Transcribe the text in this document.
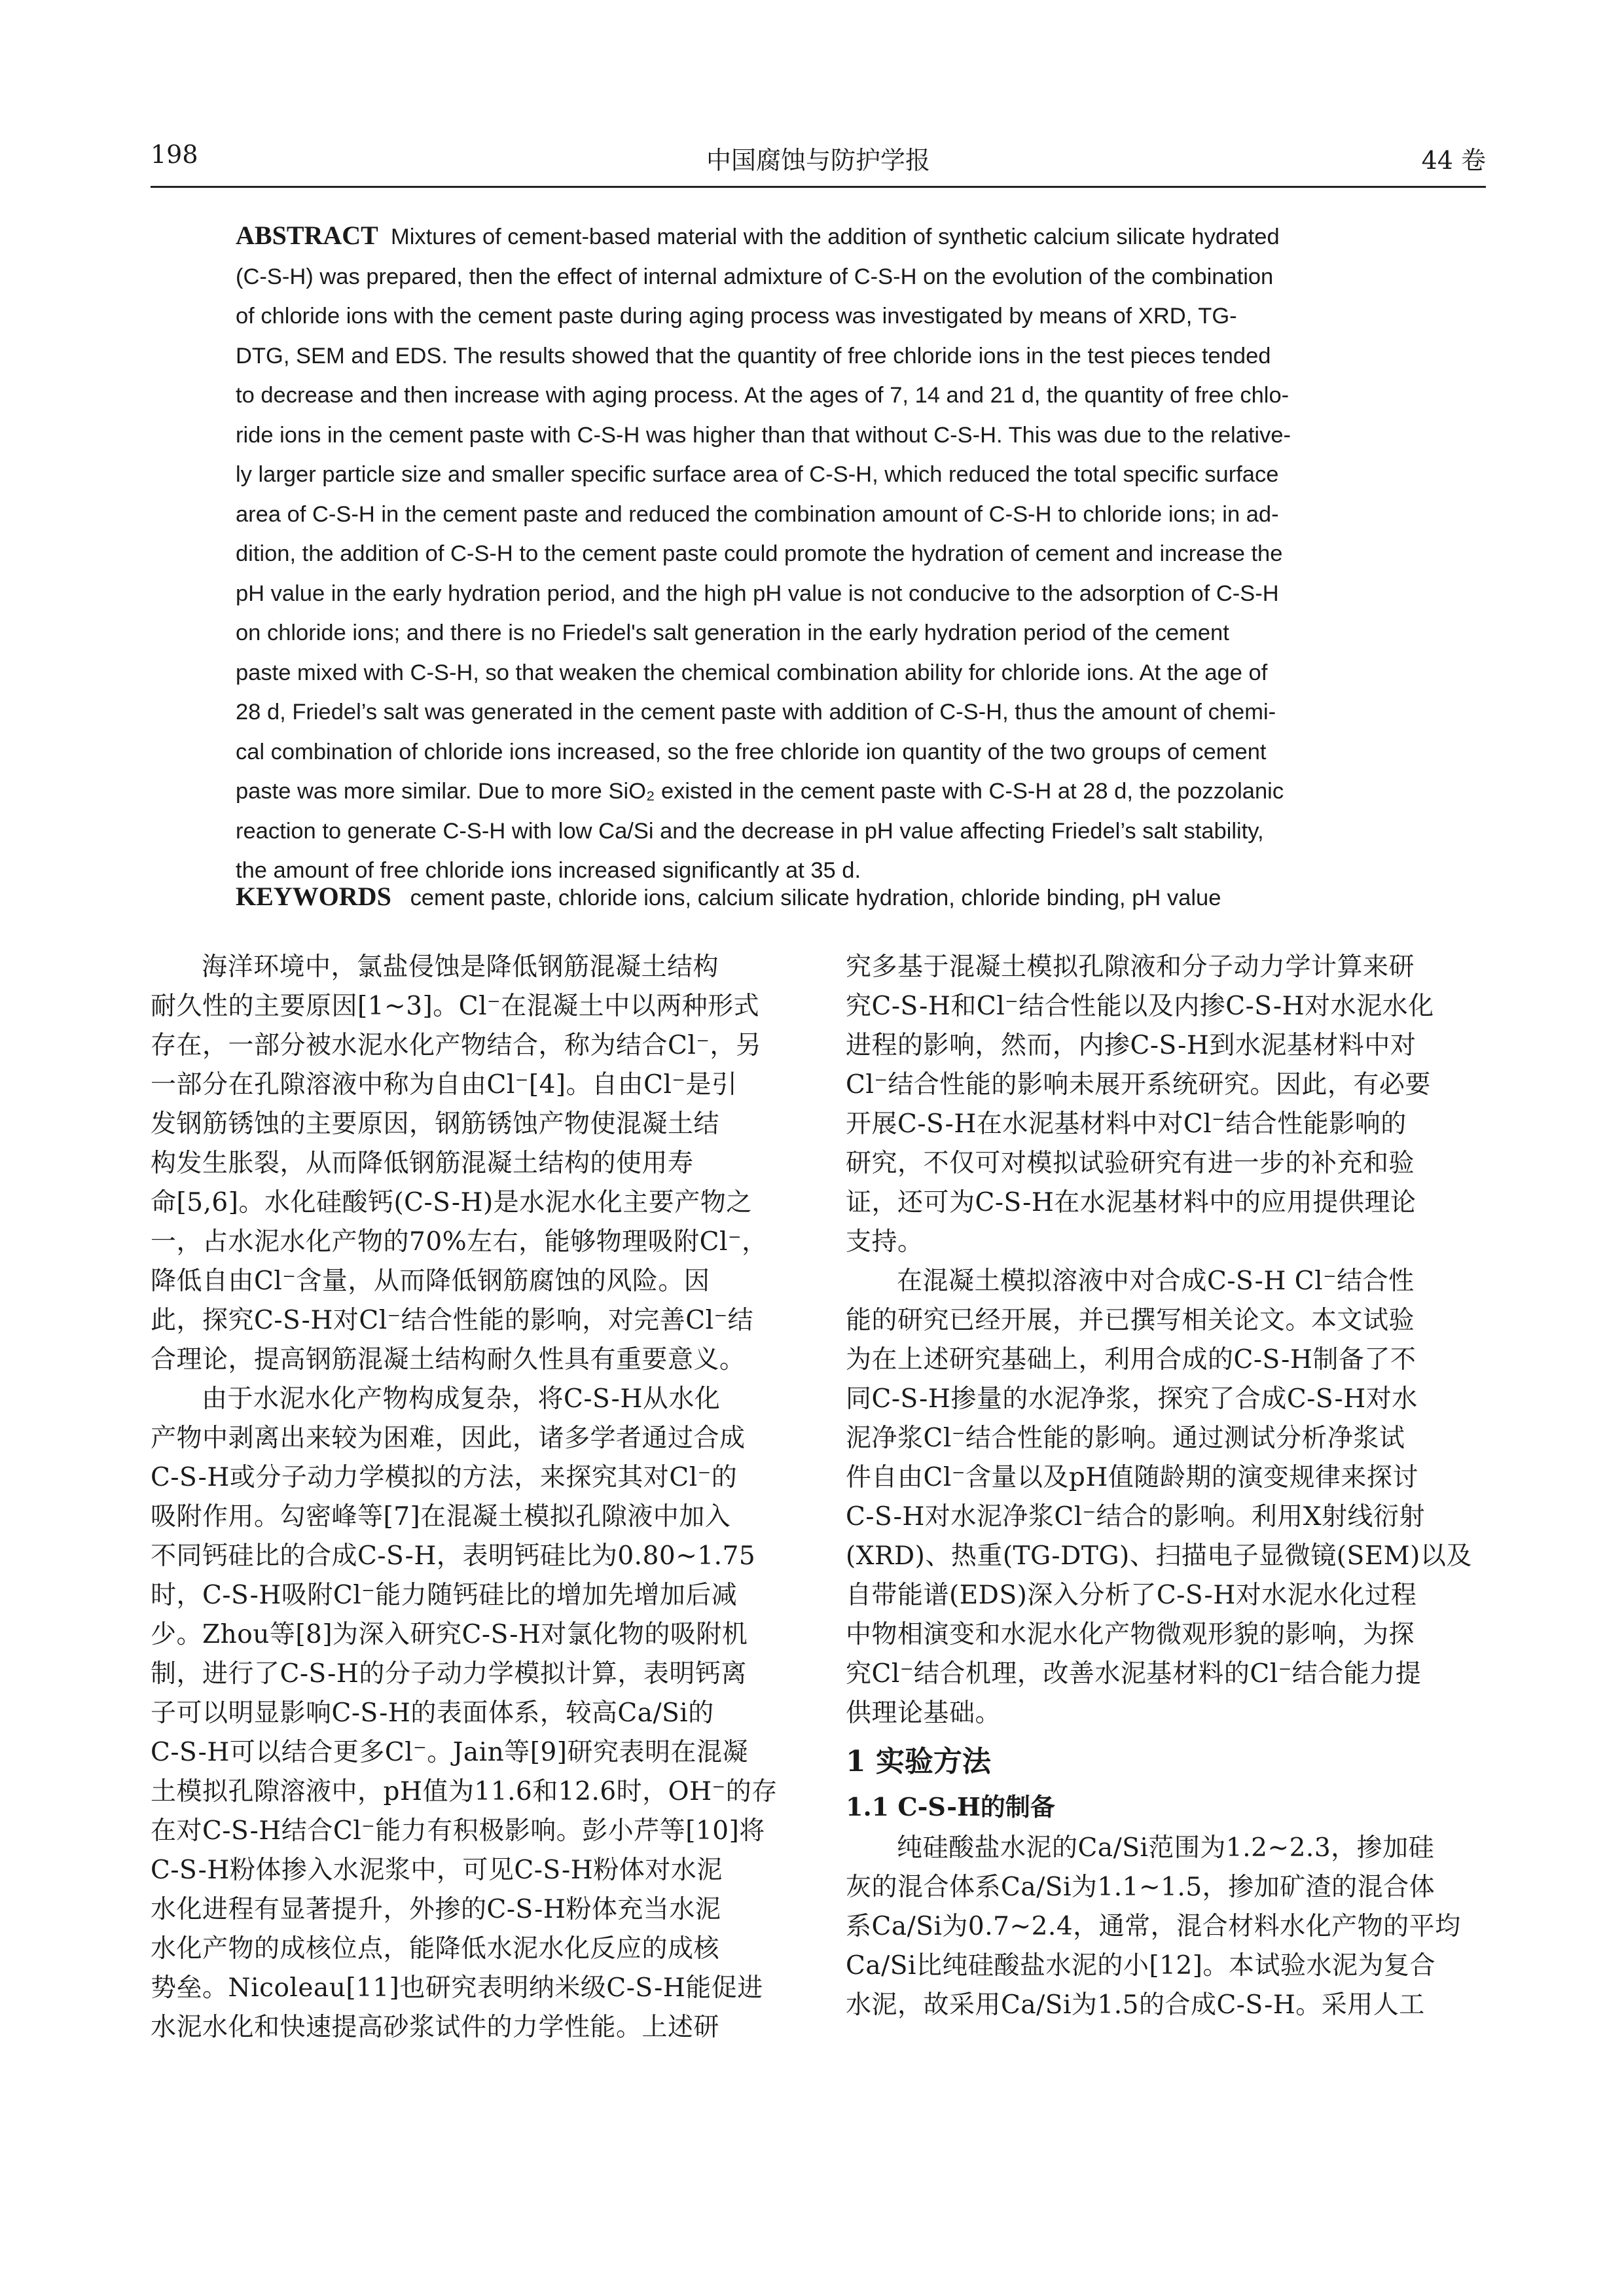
198	中国腐蚀与防护学报	44 卷
ABSTRACT Mixtures of cement-based material with the addition of synthetic calcium silicate hydrated
(C-S-H) was prepared, then the effect of internal admixture of C-S-H on the evolution of the combination
of chloride ions with the cement paste during aging process was investigated by means of XRD, TG-
DTG, SEM and EDS. The results showed that the quantity of free chloride ions in the test pieces tended
to decrease and then increase with aging process. At the ages of 7, 14 and 21 d, the quantity of free chlo-
ride ions in the cement paste with C-S-H was higher than that without C-S-H. This was due to the relative-
ly larger particle size and smaller specific surface area of C-S-H, which reduced the total specific surface
area of C-S-H in the cement paste and reduced the combination amount of C-S-H to chloride ions; in ad-
dition, the addition of C-S-H to the cement paste could promote the hydration of cement and increase the
pH value in the early hydration period, and the high pH value is not conducive to the adsorption of C-S-H
on chloride ions; and there is no Friedel's salt generation in the early hydration period of the cement
paste mixed with C-S-H, so that weaken the chemical combination ability for chloride ions. At the age of
28 d, Friedel’s salt was generated in the cement paste with addition of C-S-H, thus the amount of chemi-
cal combination of chloride ions increased, so the free chloride ion quantity of the two groups of cement
paste was more similar. Due to more SiO₂ existed in the cement paste with C-S-H at 28 d, the pozzolanic
reaction to generate C-S-H with low Ca/Si and the decrease in pH value affecting Friedel’s salt stability,
the amount of free chloride ions increased significantly at 35 d.
KEYWORDS cement paste, chloride ions, calcium silicate hydration, chloride binding, pH value
海洋环境中，氯盐侵蚀是降低钢筋混凝土结构
耐久性的主要原因[1~3]。Cl⁻在混凝土中以两种形式
存在，一部分被水泥水化产物结合，称为结合Cl⁻，另
一部分在孔隙溶液中称为自由Cl⁻[4]。自由Cl⁻是引
发钢筋锈蚀的主要原因，钢筋锈蚀产物使混凝土结
构发生胀裂，从而降低钢筋混凝土结构的使用寿
命[5,6]。水化硅酸钙(C-S-H)是水泥水化主要产物之
一，占水泥水化产物的70%左右，能够物理吸附Cl⁻，
降低自由Cl⁻含量，从而降低钢筋腐蚀的风险。因
此，探究C-S-H对Cl⁻结合性能的影响，对完善Cl⁻结
合理论，提高钢筋混凝土结构耐久性具有重要意义。
由于水泥水化产物构成复杂，将C-S-H从水化
产物中剥离出来较为困难，因此，诸多学者通过合成
C-S-H或分子动力学模拟的方法，来探究其对Cl⁻的
吸附作用。勾密峰等[7]在混凝土模拟孔隙液中加入
不同钙硅比的合成C-S-H，表明钙硅比为0.80~1.75
时，C-S-H吸附Cl⁻能力随钙硅比的增加先增加后减
少。Zhou等[8]为深入研究C-S-H对氯化物的吸附机
制，进行了C-S-H的分子动力学模拟计算，表明钙离
子可以明显影响C-S-H的表面体系，较高Ca/Si的
C-S-H可以结合更多Cl⁻。Jain等[9]研究表明在混凝
土模拟孔隙溶液中，pH值为11.6和12.6时，OH⁻的存
在对C-S-H结合Cl⁻能力有积极影响。彭小芹等[10]将
C-S-H粉体掺入水泥浆中，可见C-S-H粉体对水泥
水化进程有显著提升，外掺的C-S-H粉体充当水泥
水化产物的成核位点，能降低水泥水化反应的成核
势垒。Nicoleau[11]也研究表明纳米级C-S-H能促进
水泥水化和快速提高砂浆试件的力学性能。上述研
究多基于混凝土模拟孔隙液和分子动力学计算来研
究C-S-H和Cl⁻结合性能以及内掺C-S-H对水泥水化
进程的影响，然而，内掺C-S-H到水泥基材料中对
Cl⁻结合性能的影响未展开系统研究。因此，有必要
开展C-S-H在水泥基材料中对Cl⁻结合性能影响的
研究，不仅可对模拟试验研究有进一步的补充和验
证，还可为C-S-H在水泥基材料中的应用提供理论
支持。
在混凝土模拟溶液中对合成C-S-H Cl⁻结合性
能的研究已经开展，并已撰写相关论文。本文试验
为在上述研究基础上，利用合成的C-S-H制备了不
同C-S-H掺量的水泥净浆，探究了合成C-S-H对水
泥净浆Cl⁻结合性能的影响。通过测试分析净浆试
件自由Cl⁻含量以及pH值随龄期的演变规律来探讨
C-S-H对水泥净浆Cl⁻结合的影响。利用X射线衍射
(XRD)、热重(TG-DTG)、扫描电子显微镜(SEM)以及
自带能谱(EDS)深入分析了C-S-H对水泥水化过程
中物相演变和水泥水化产物微观形貌的影响，为探
究Cl⁻结合机理，改善水泥基材料的Cl⁻结合能力提
供理论基础。
1 实验方法
1.1 C-S-H的制备
纯硅酸盐水泥的Ca/Si范围为1.2~2.3，掺加硅
灰的混合体系Ca/Si为1.1~1.5，掺加矿渣的混合体
系Ca/Si为0.7~2.4，通常，混合材料水化产物的平均
Ca/Si比纯硅酸盐水泥的小[12]。本试验水泥为复合
水泥，故采用Ca/Si为1.5的合成C-S-H。采用人工
